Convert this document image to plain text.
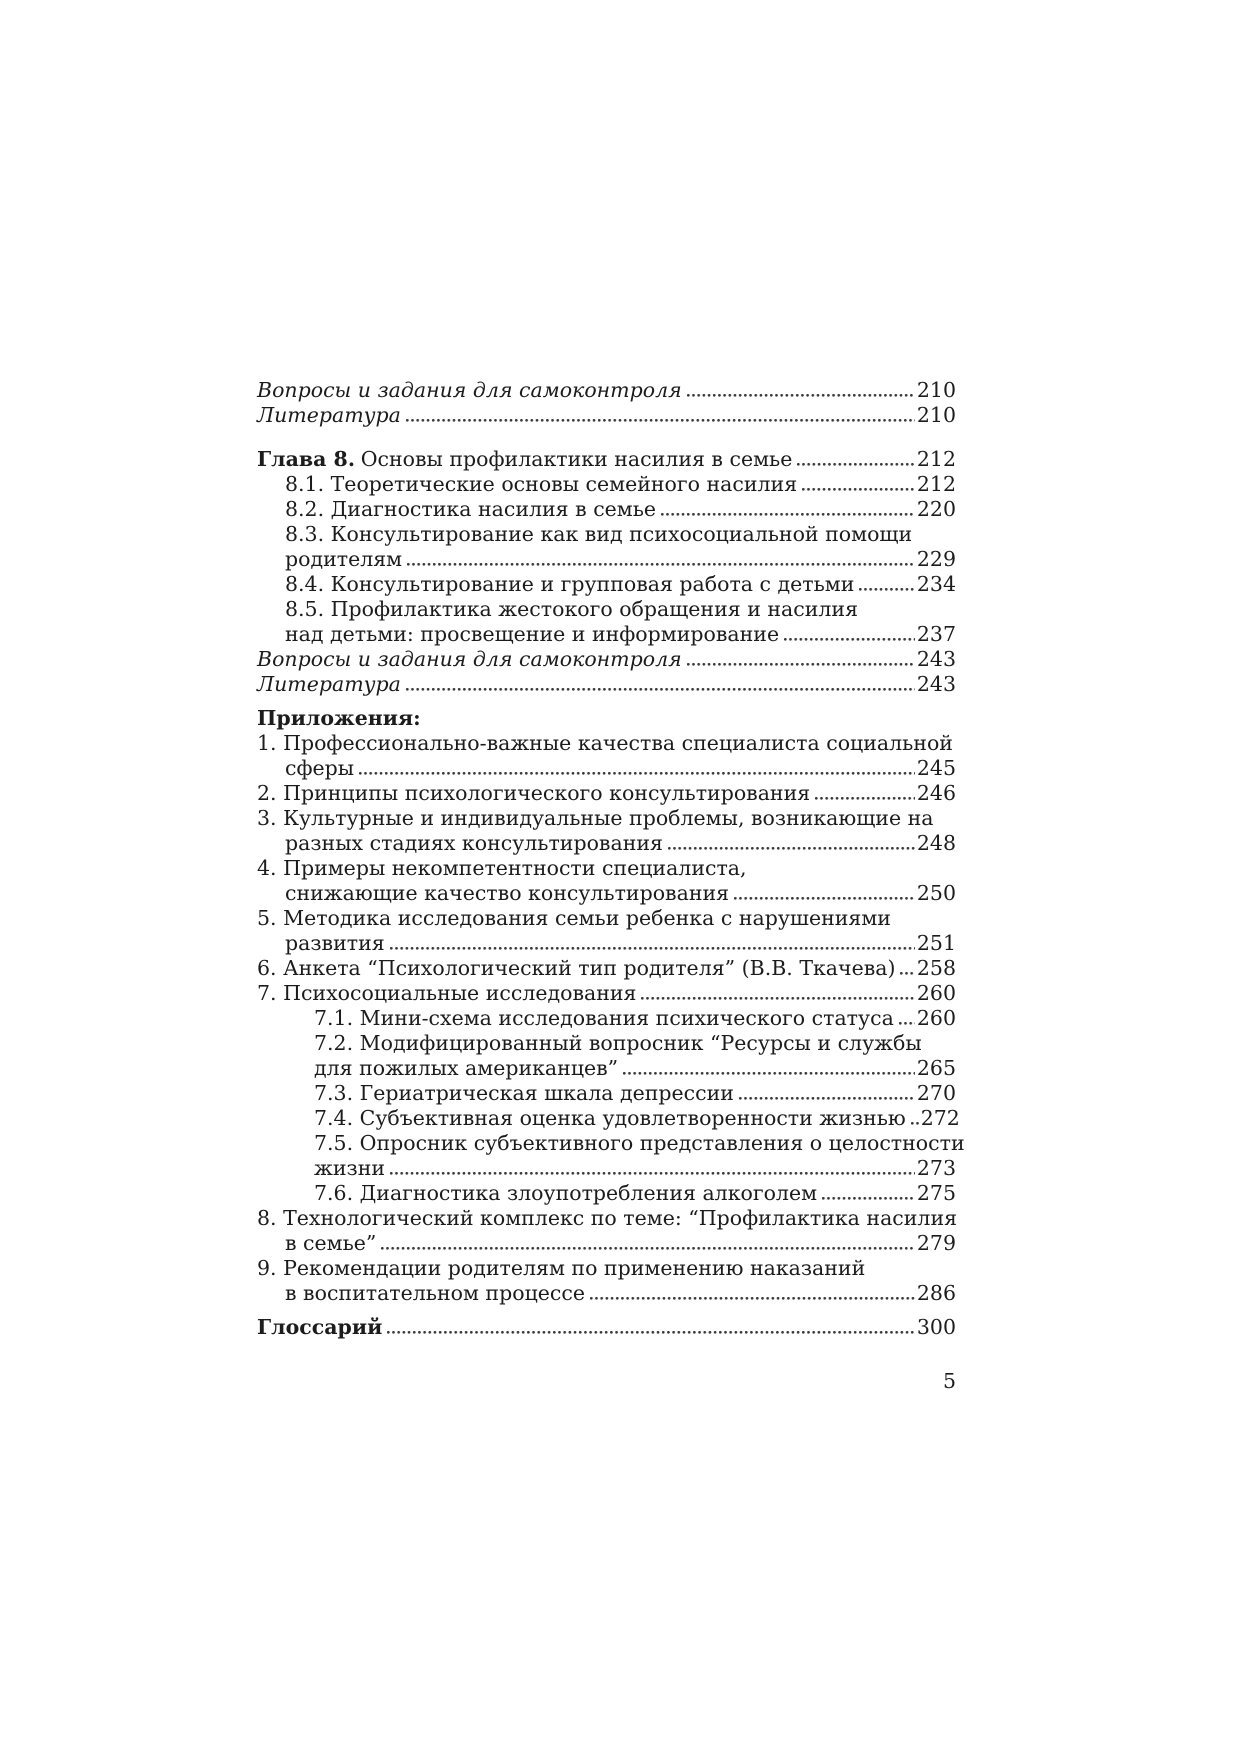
Вопросы и задания для самоконтроля	210
Литература	210
Глава 8. Основы профилактики насилия в семье	212
8.1. Теоретические основы семейного насилия	212
8.2. Диагностика насилия в семье	220
8.3. Консультирование как вид психосоциальной помощи
родителям	229
8.4. Консультирование и групповая работа с детьми	234
8.5. Профилактика жестокого обращения и насилия
над детьми: просвещение и информирование	237
Вопросы и задания для самоконтроля	243
Литература	243
Приложения:
1. Профессионально-важные качества специалиста социальной
сферы	245
2. Принципы психологического консультирования	246
3. Культурные и индивидуальные проблемы, возникающие на
разных стадиях консультирования	248
4. Примеры некомпетентности специалиста,
снижающие качество консультирования	250
5. Методика исследования семьи ребенка с нарушениями
развития	251
6. Анкета “Психологический тип родителя” (В.В. Ткачева) 258
7. Психосоциальные исследования	260
7.1. Мини-схема исследования психического статуса 260
7.2. Модифицированный вопросник “Ресурсы и службы
для пожилых американцев”	265
7.3. Гериатрическая шкала депрессии	270
7.4. Субъективная оценка удовлетворенности жизнью 272
7.5. Опросник субъективного представления о целостности
жизни	273
7.6. Диагностика злоупотребления алкоголем	275
8. Технологический комплекс по теме: “Профилактика насилия
в семье”	279
9. Рекомендации родителям по применению наказаний
в воспитательном процессе	286
Глоссарий	300
5
